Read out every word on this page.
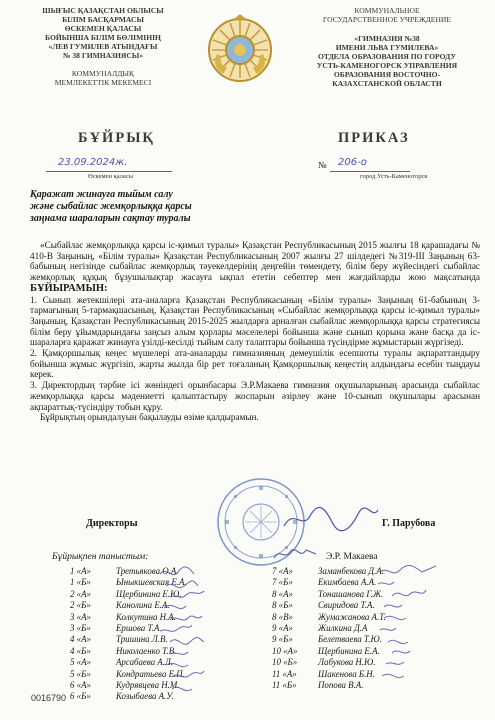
ШЫҒЫС ҚАЗАҚСТАН ОБЛЫСЫ
БІЛІМ БАСҚАРМАСЫ
ӨСКЕМЕН ҚАЛАСЫ
БОЙЫНША БІЛІМ БӨЛІМІНІҢ
«ЛЕВ ГУМИЛЕВ АТЫНДАҒЫ
№ 38 ГИМНАЗИЯСЫ»
КОММУНАЛДЫҚ
МЕМЛЕКЕТТІК МЕКЕМЕСІ
КОММУНАЛЬНОЕ
ГОСУДАРСТВЕННОЕ УЧРЕЖДЕНИЕ
«ГИМНАЗИЯ №38
ИМЕНИ ЛЬВА ГУМИЛЕВА»
ОТДЕЛА ОБРАЗОВАНИЯ ПО ГОРОДУ
УСТЬ-КАМЕНОГОРСК УПРАВЛЕНИЯ
ОБРАЗОВАНИЯ ВОСТОЧНО-
КАЗАХСТАНСКОЙ ОБЛАСТИ
БҰЙРЫҚ	ПРИКАЗ
23.09.2024ж.
Өскемен қаласы
№ 206-о
город Усть-Каменогорск
Қаражат жинауға тыйым салу
және сыбайлас жемқорлыққа қарсы
заңнама шараларын сақтау туралы

«Сыбайлас жемқорлыққа қарсы іс-қимыл туралы» Қазақстан Республикасының 2015 жылғы 18 қарашадағы № 410-В Заңының, «Білім туралы» Қазақстан Республикасының 2007 жылғы 27 шілдедегі №319-III Заңының 63-бабының негізінде сыбайлас жемқорлық тәуекелдерінің деңгейін төмендету, білім беру жүйесіндегі сыбайлас жемқорлық құқық бұзушылықтар жасауға ықпал ететін себептер мен жағдайларды жою мақсатында БҰЙЫРАМЫН:

1. Сынып жетекшілері ата-аналарға Қазақстан Республикасының «Білім туралы» Заңының 61-бабының 3-тармағының 5-тармақшасының, Қазақстан Республикасының «Сыбайлас жемқорлыққа қарсы іс-қимыл туралы» Заңының, Қазақстан Республикасының 2015-2025 жылдарға арналған сыбайлас жемқорлыққа қарсы стратегиясы білім беру ұйымдарындағы заңсыз алым қорлары мәселелері бойынша және сынып қорына және басқа да іс-шараларға қаражат жинауға үзілді-кесілді тыйым салу талаптары бойынша түсіндірме жұмыстарын жүргізеді.

2. Қамқоршылық кеңес мүшелері ата-аналарды гимназияның демеушілік есепшоты туралы ақпараттандыру бойынша жұмыс жүргізіп, жарты жылда бір рет тоғаланың Қамқоршылық кеңестің алдындағы есебін тыңдауы керек.

3. Директордың тәрбие ісі жөніндегі орынбасары Э.Р.Макаева гимназия оқушыларының арасында сыбайлас жемқорлыққа қарсы мәдениетті қалыптастыру жоспарын әзірлеу және 10-сынып оқушылары арасынан ақпараттық-түсіндіру тобын құру.

Бұйрықтың орындалуын бақылауды өзіме қалдырамын.

Директоры	Г. Парубова
Бұйрықпен таныстым:	Э.Р. Макаева
1 «А»	Третьякова О.А.
1 «Б»	Ыныкшевская Е.А.
2 «А»	Щербинина Е.Ю.
2 «Б»	Канолина Е.А.
3 «А»	Колкутина Н.А.
3 «Б»	Ершова Т.А
4 «А»	Тришина Л.В.
4 «Б»	Николаенко Т.В.
5 «А»	Арсабаева А.Л.
5 «Б»	Кондратьева Е.П.
6 «А»	Кудрявцева Н.М.
6 «Б»	Козыбаева А.У.
7 «А»	Заманбекова Д.А.
7 «Б»	Екимбаева А.А.
8 «А»	Тонашанова Г.Ж.
8 «Б»	Свиридова Т.А.
8 «В»	Жумажанова А.Т.
9 «А»	Жилкина Д.А
9 «Б»	Белетваева Т.Ю.
10 «А»	Щербинина Е.А.
10 «Б»	Лабукова Н.Ю.
11 «А»	Шакенова Б.Н.
11 «Б»	Попова В.А.
0016790
